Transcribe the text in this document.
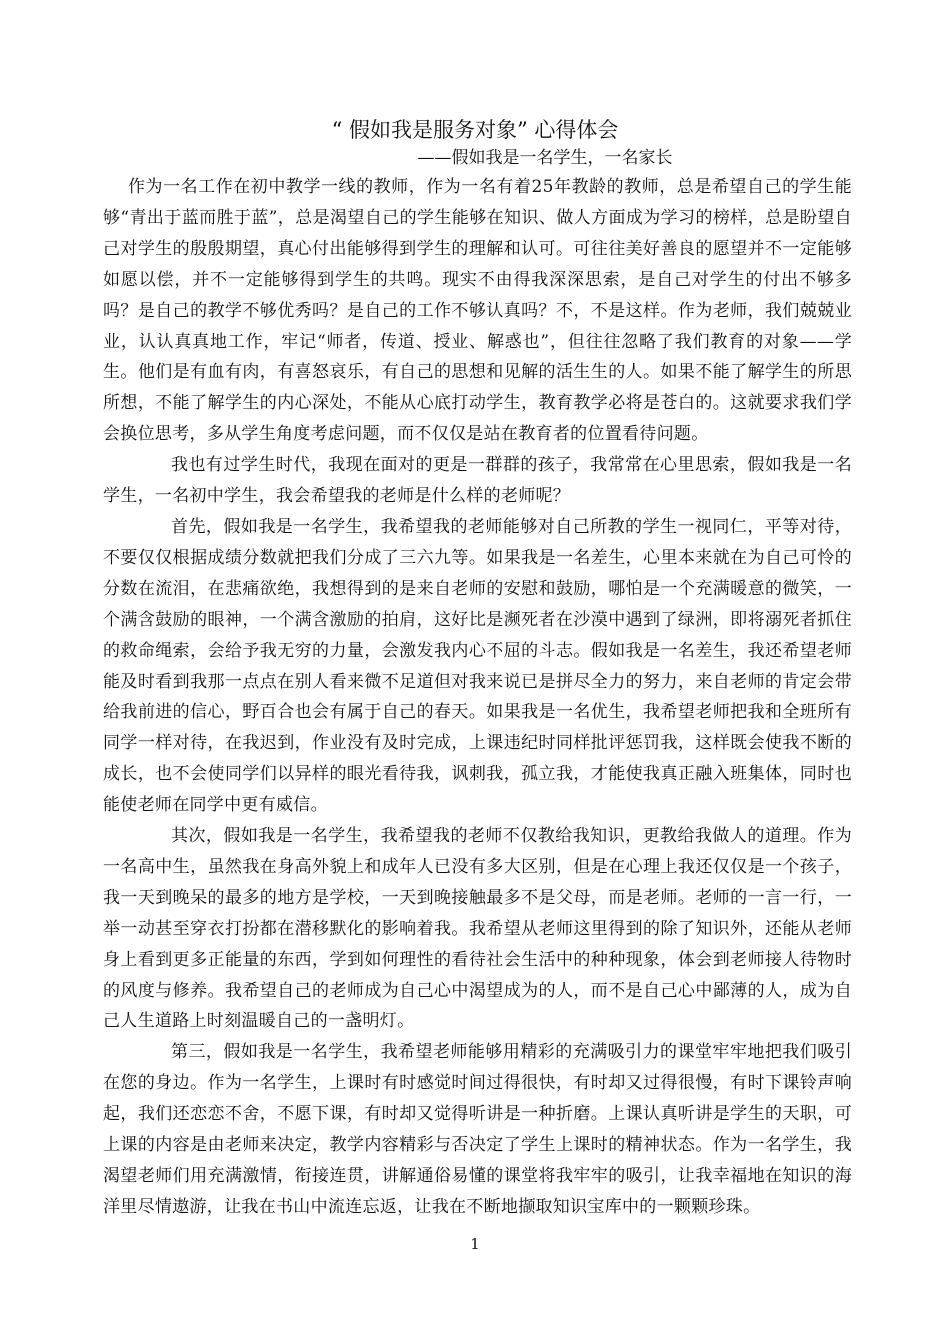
“ 假如我是服务对象” 心得体会
——假如我是一名学生，一名家长

作为一名工作在初中教学一线的教师，作为一名有着25年教龄的教师，总是希望自己的学生能够“青出于蓝而胜于蓝”，总是渴望自己的学生能够在知识、做人方面成为学习的榜样，总是盼望自己对学生的殷殷期望，真心付出能够得到学生的理解和认可。可往往美好善良的愿望并不一定能够如愿以偿，并不一定能够得到学生的共鸣。现实不由得我深深思索，是自己对学生的付出不够多吗？是自己的教学不够优秀吗？是自己的工作不够认真吗？不，不是这样。作为老师，我们兢兢业业，认认真真地工作，牢记“师者，传道、授业、解惑也”，但往往忽略了我们教育的对象——学生。他们是有血有肉，有喜怒哀乐，有自己的思想和见解的活生生的人。如果不能了解学生的所思所想，不能了解学生的内心深处，不能从心底打动学生，教育教学必将是苍白的。这就要求我们学会换位思考，多从学生角度考虑问题，而不仅仅是站在教育者的位置看待问题。

我也有过学生时代，我现在面对的更是一群群的孩子，我常常在心里思索，假如我是一名学生，一名初中学生，我会希望我的老师是什么样的老师呢？

首先，假如我是一名学生，我希望我的老师能够对自己所教的学生一视同仁，平等对待，不要仅仅根据成绩分数就把我们分成了三六九等。如果我是一名差生，心里本来就在为自己可怜的分数在流泪，在悲痛欲绝，我想得到的是来自老师的安慰和鼓励，哪怕是一个充满暖意的微笑，一个满含鼓励的眼神，一个满含激励的拍肩，这好比是濒死者在沙漠中遇到了绿洲，即将溺死者抓住的救命绳索，会给予我无穷的力量，会激发我内心不屈的斗志。假如我是一名差生，我还希望老师能及时看到我那一点点在别人看来微不足道但对我来说已是拼尽全力的努力，来自老师的肯定会带给我前进的信心，野百合也会有属于自己的春天。如果我是一名优生，我希望老师把我和全班所有同学一样对待，在我迟到，作业没有及时完成，上课违纪时同样批评惩罚我，这样既会使我不断的成长，也不会使同学们以异样的眼光看待我，讽刺我，孤立我，才能使我真正融入班集体，同时也能使老师在同学中更有威信。

其次，假如我是一名学生，我希望我的老师不仅教给我知识，更教给我做人的道理。作为一名高中生，虽然我在身高外貌上和成年人已没有多大区别，但是在心理上我还仅仅是一个孩子，我一天到晚呆的最多的地方是学校，一天到晚接触最多不是父母，而是老师。老师的一言一行，一举一动甚至穿衣打扮都在潜移默化的影响着我。我希望从老师这里得到的除了知识外，还能从老师身上看到更多正能量的东西，学到如何理性的看待社会生活中的种种现象，体会到老师接人待物时的风度与修养。我希望自己的老师成为自己心中渴望成为的人，而不是自己心中鄙薄的人，成为自己人生道路上时刻温暖自己的一盏明灯。

第三，假如我是一名学生，我希望老师能够用精彩的充满吸引力的课堂牢牢地把我们吸引在您的身边。作为一名学生，上课时有时感觉时间过得很快，有时却又过得很慢，有时下课铃声响起，我们还恋恋不舍，不愿下课，有时却又觉得听讲是一种折磨。上课认真听讲是学生的天职，可上课的内容是由老师来决定，教学内容精彩与否决定了学生上课时的精神状态。作为一名学生，我渴望老师们用充满激情，衔接连贯，讲解通俗易懂的课堂将我牢牢的吸引，让我幸福地在知识的海洋里尽情遨游，让我在书山中流连忘返，让我在不断地撷取知识宝库中的一颗颗珍珠。

1
